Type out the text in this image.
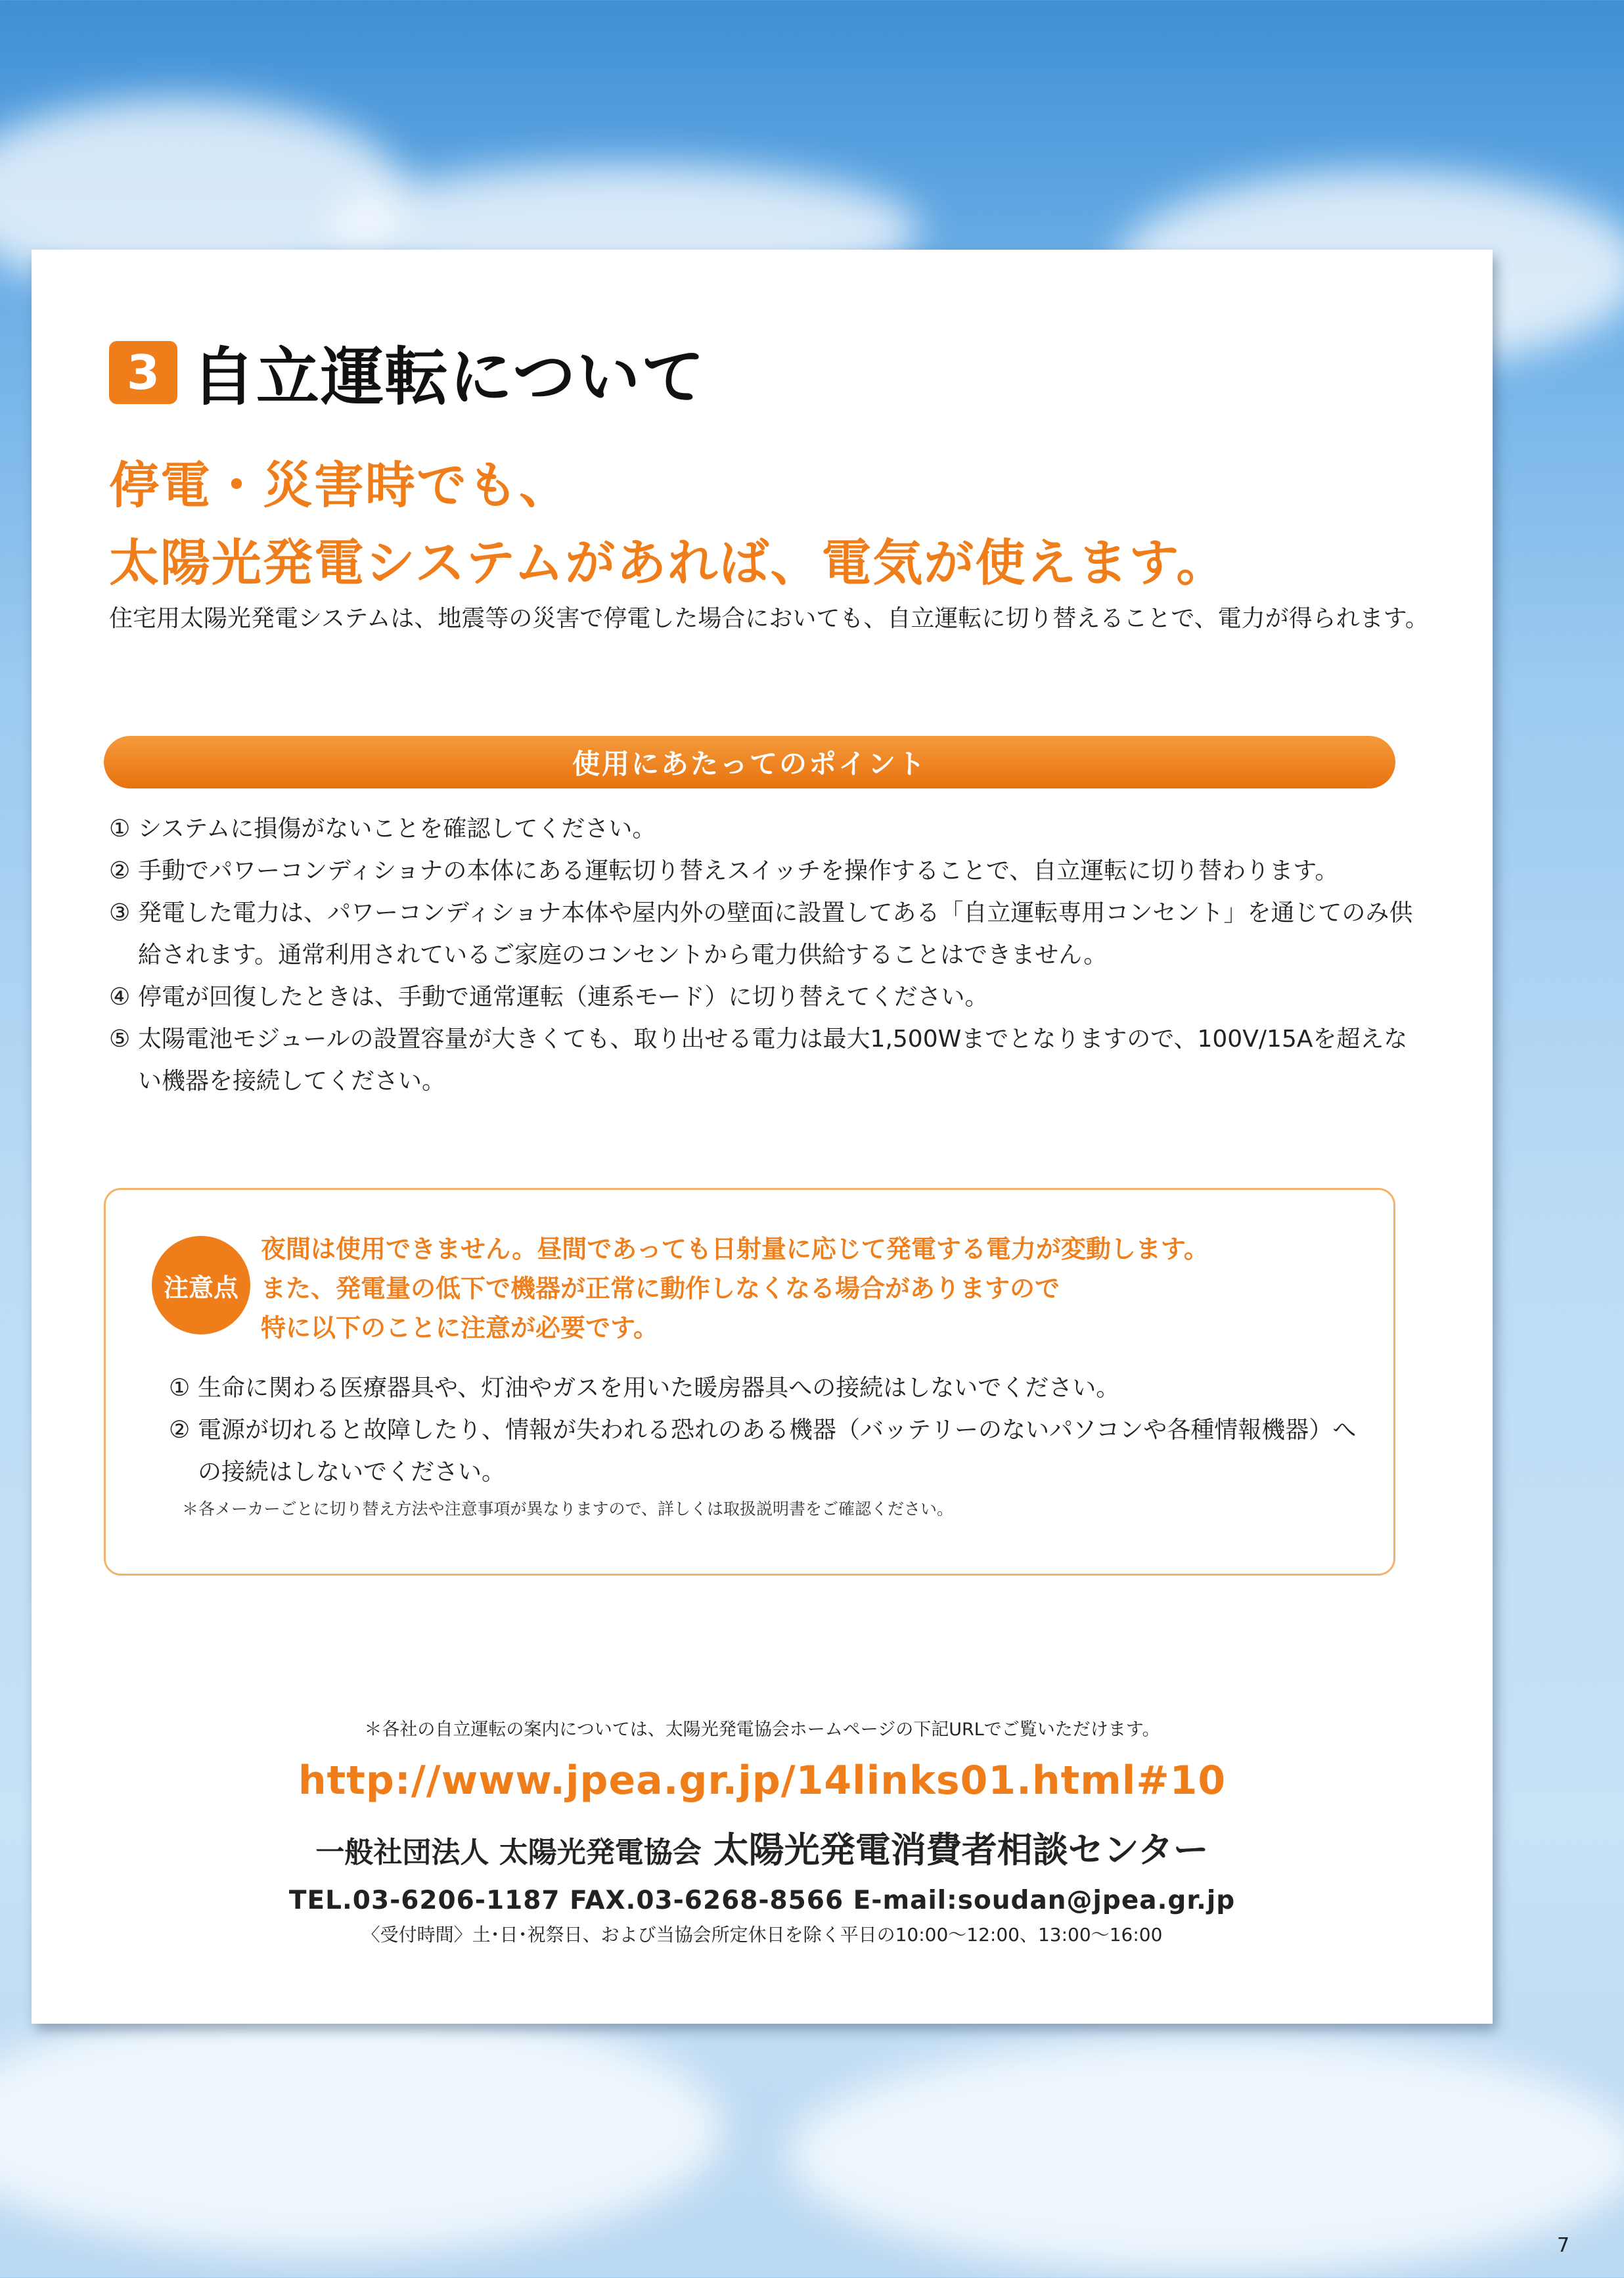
3 自立運転について
停電・災害時でも、
太陽光発電システムがあれば、電気が使えます。
住宅用太陽光発電システムは、地震等の災害で停電した場合においても、自立運転に切り替えることで、電力が得られます。
使用にあたってのポイント
① システムに損傷がないことを確認してください。
② 手動でパワーコンディショナの本体にある運転切り替えスイッチを操作することで、自立運転に切り替わります。
③ 発電した電力は、パワーコンディショナ本体や屋内外の壁面に設置してある「自立運転専用コンセント」を通じてのみ供給されます。通常利用されているご家庭のコンセントから電力供給することはできません。
④ 停電が回復したときは、手動で通常運転（連系モード）に切り替えてください。
⑤ 太陽電池モジュールの設置容量が大きくても、取り出せる電力は最大1,500Wまでとなりますので、100V/15Aを超えない機器を接続してください。
注意点
夜間は使用できません。昼間であっても日射量に応じて発電する電力が変動します。
また、発電量の低下で機器が正常に動作しなくなる場合がありますので
特に以下のことに注意が必要です。
① 生命に関わる医療器具や、灯油やガスを用いた暖房器具への接続はしないでください。
② 電源が切れると故障したり、情報が失われる恐れのある機器（バッテリーのないパソコンや各種情報機器）への接続はしないでください。
＊各メーカーごとに切り替え方法や注意事項が異なりますので、詳しくは取扱説明書をご確認ください。
＊各社の自立運転の案内については、太陽光発電協会ホームページの下記URLでご覧いただけます。
http://www.jpea.gr.jp/14links01.html#10
一般社団法人 太陽光発電協会 太陽光発電消費者相談センター
TEL.03-6206-1187 FAX.03-6268-8566 E-mail:soudan@jpea.gr.jp
〈受付時間〉土･日･祝祭日、および当協会所定休日を除く平日の10:00～12:00、13:00～16:00
7
